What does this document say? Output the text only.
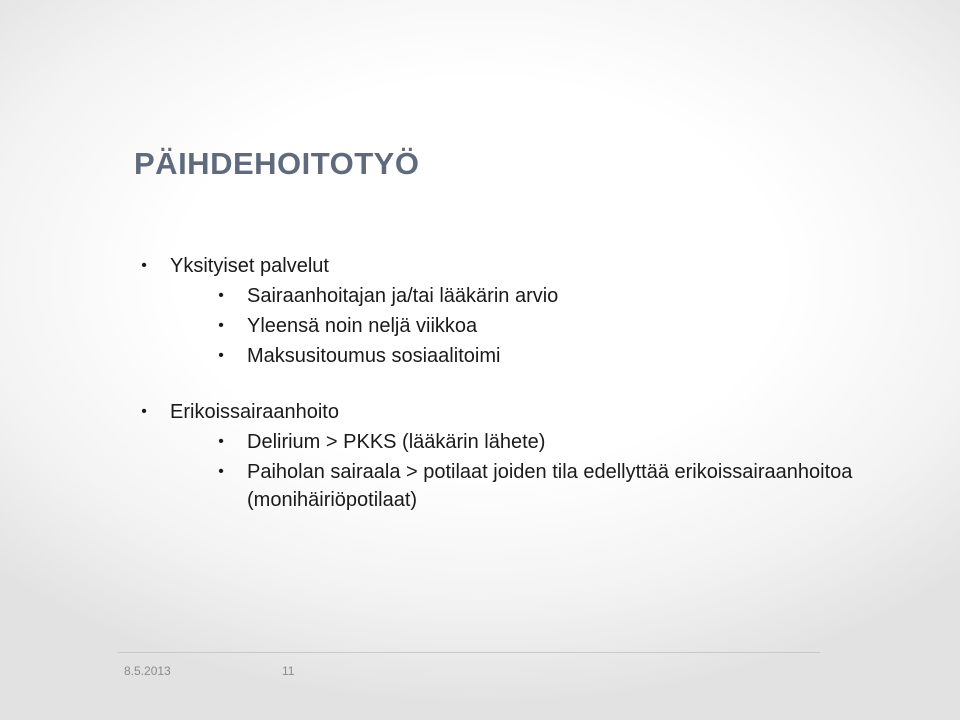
PÄIHDEHOITOTYÖ
•	Yksityiset palvelut
•	Sairaanhoitajan ja/tai lääkärin arvio
•	Yleensä noin neljä viikkoa
•	Maksusitoumus sosiaalitoimi
•	Erikoissairaanhoito
•	Delirium > PKKS (lääkärin lähete)
•	Paiholan sairaala > potilaat joiden tila edellyttää erikoissairaanhoitoa (monihäiriöpotilaat)
8.5.2013	11
